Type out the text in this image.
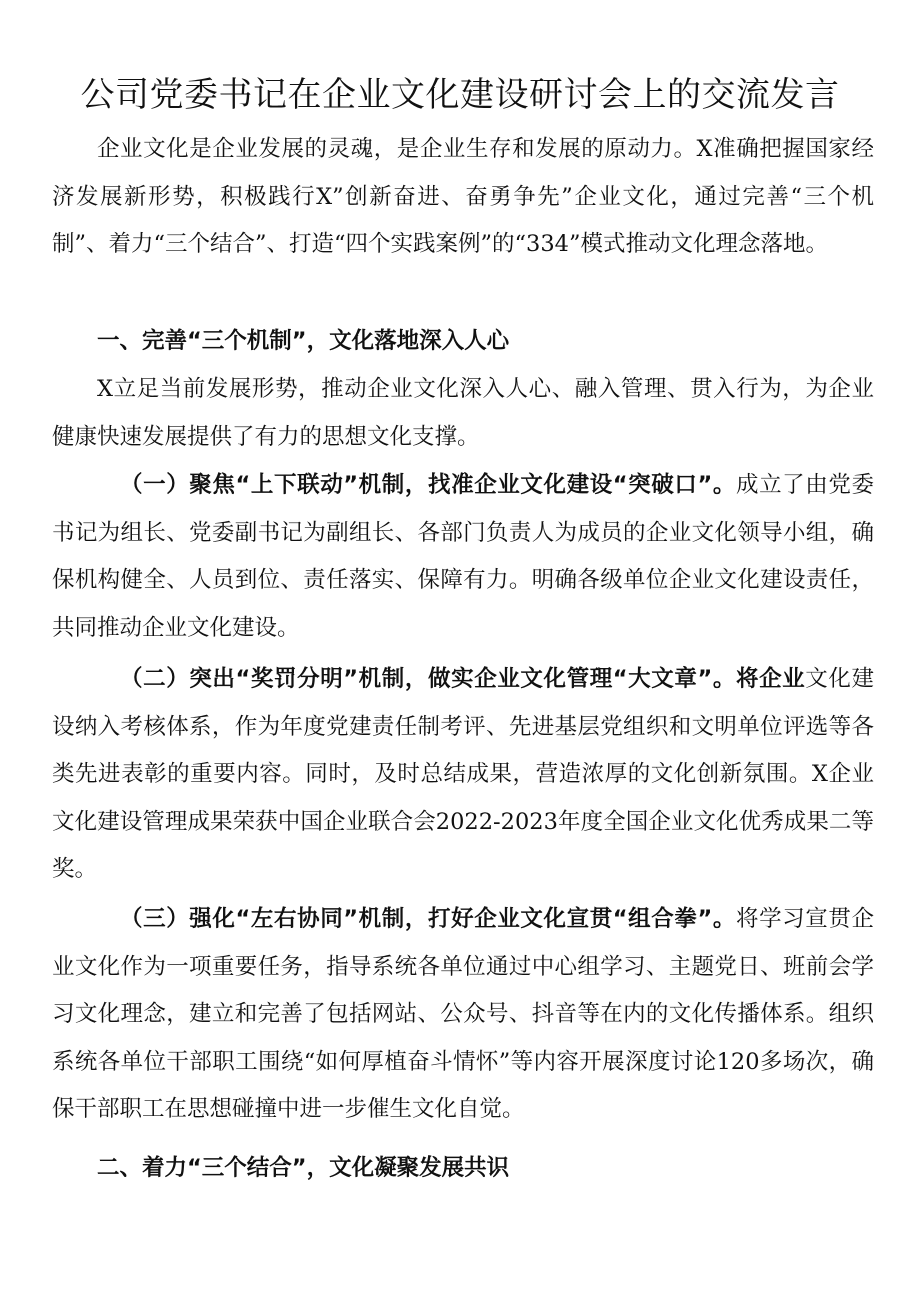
公司党委书记在企业文化建设研讨会上的交流发言

企业文化是企业发展的灵魂，是企业生存和发展的原动力。X准确把握国家经济发展新形势，积极践行X”创新奋进、奋勇争先”企业文化，通过完善“三个机制”、着力“三个结合”、打造“四个实践案例”的“334”模式推动文化理念落地。

一、完善“三个机制”，文化落地深入人心

X立足当前发展形势，推动企业文化深入人心、融入管理、贯入行为，为企业健康快速发展提供了有力的思想文化支撑。

（一）聚焦“上下联动”机制，找准企业文化建设“突破口”。成立了由党委书记为组长、党委副书记为副组长、各部门负责人为成员的企业文化领导小组，确保机构健全、人员到位、责任落实、保障有力。明确各级单位企业文化建设责任，共同推动企业文化建设。

（二）突出“奖罚分明”机制，做实企业文化管理“大文章”。将企业文化建设纳入考核体系，作为年度党建责任制考评、先进基层党组织和文明单位评选等各类先进表彰的重要内容。同时，及时总结成果，营造浓厚的文化创新氛围。X企业文化建设管理成果荣获中国企业联合会2022-2023年度全国企业文化优秀成果二等奖。

（三）强化“左右协同”机制，打好企业文化宣贯“组合拳”。将学习宣贯企业文化作为一项重要任务，指导系统各单位通过中心组学习、主题党日、班前会学习文化理念，建立和完善了包括网站、公众号、抖音等在内的文化传播体系。组织系统各单位干部职工围绕“如何厚植奋斗情怀”等内容开展深度讨论120多场次，确保干部职工在思想碰撞中进一步催生文化自觉。

二、着力“三个结合”，文化凝聚发展共识
